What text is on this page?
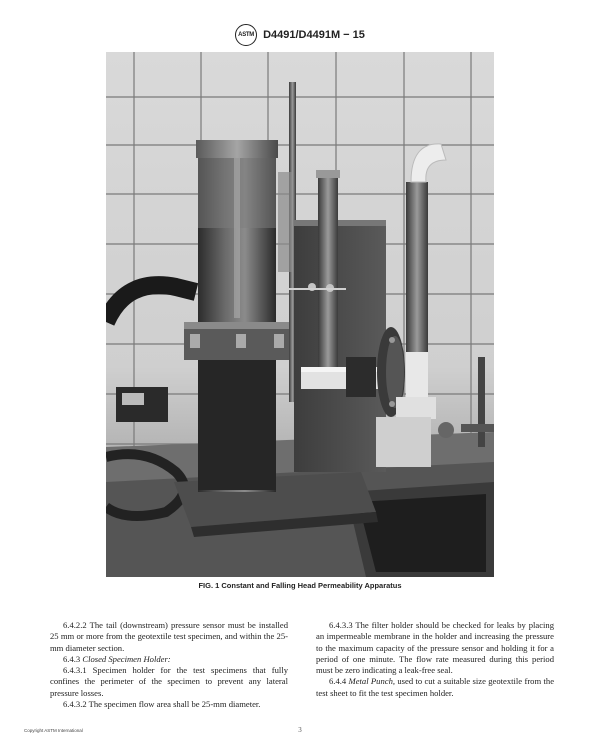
ASTM D4491/D4491M − 15
FIG. 1 Constant and Falling Head Permeability Apparatus

6.4.2.2 The tail (downstream) pressure sensor must be installed 25 mm or more from the geotextile test specimen, and within the 25-mm diameter section.

6.4.3 Closed Specimen Holder:

6.4.3.1 Specimen holder for the test specimens that fully confines the perimeter of the specimen to prevent any lateral pressure losses.

6.4.3.2 The specimen flow area shall be 25-mm diameter.

6.4.3.3 The filter holder should be checked for leaks by placing an impermeable membrane in the holder and increasing the pressure to the maximum capacity of the pressure sensor and holding it for a period of one minute. The flow rate measured during this period must be zero indicating a leak-free seal.

6.4.4 Metal Punch, used to cut a suitable size geotextile from the test sheet to fit the test specimen holder.

Copyright ASTM International	3
